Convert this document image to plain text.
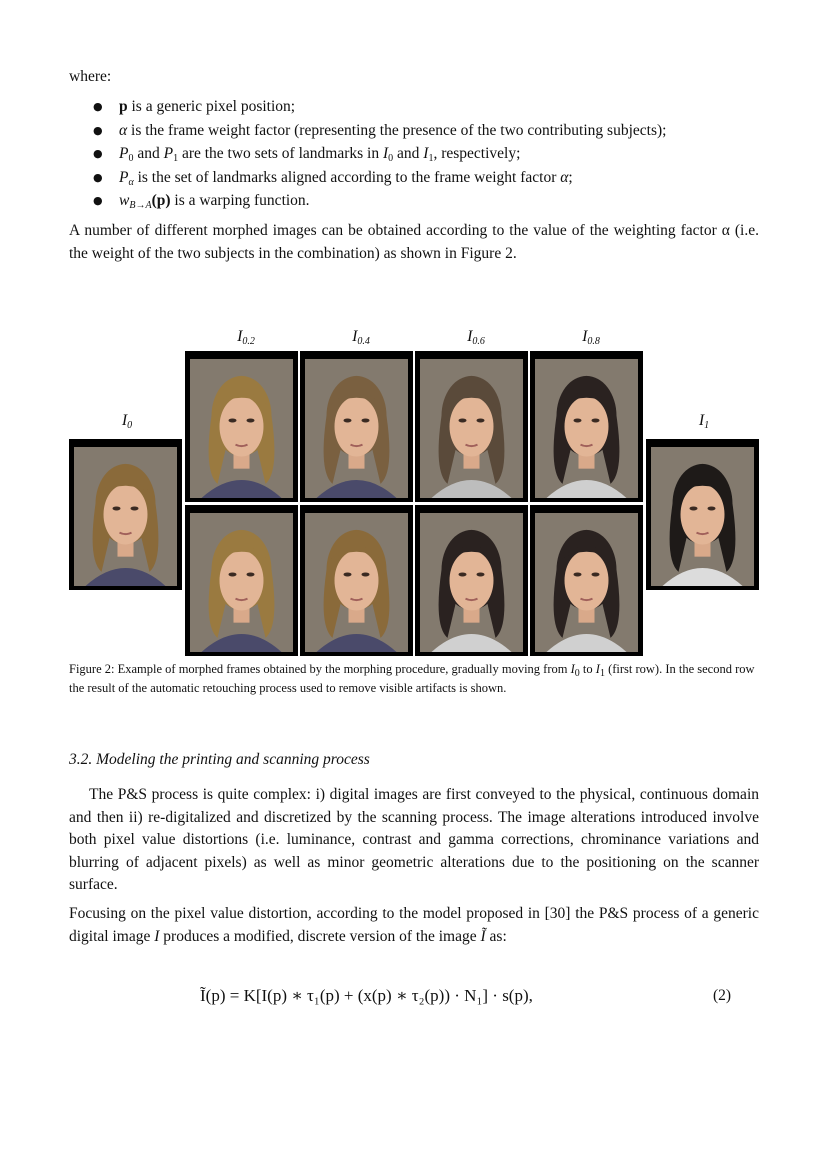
where:
● p is a generic pixel position;
● α is the frame weight factor (representing the presence of the two contributing subjects);
● $P_0$ and $P_1$ are the two sets of landmarks in $I_0$ and $I_1$, respectively;
● $P_\alpha$ is the set of landmarks aligned according to the frame weight factor α;
● $w_{B\to A}(p)$ is a warping function.
A number of different morphed images can be obtained according to the value of the weighting factor α (i.e. the weight of the two subjects in the combination) as shown in Figure 2.
$I_{0.2}$	$I_{0.4}$	$I_{0.6}$	$I_{0.8}$
$I_0$	$I_1$
Figure 2: Example of morphed frames obtained by the morphing procedure, gradually moving from $I_0$ to $I_1$ (first row). In the second row the result of the automatic retouching process used to remove visible artifacts is shown.
3.2. Modeling the printing and scanning process
The P&S process is quite complex: i) digital images are first conveyed to the physical, continuous domain and then ii) re-digitalized and discretized by the scanning process. The image alterations introduced involve both pixel value distortions (i.e. luminance, contrast and gamma corrections, chrominance variations and blurring of adjacent pixels) as well as minor geometric alterations due to the positioning on the scanner surface.
Focusing on the pixel value distortion, according to the model proposed in [30] the P&S process of a generic digital image I produces a modified, discrete version of the image Ĩ as:
Ĩ(p) = K[I(p) ∗ τ₁(p) + (x(p) ∗ τ₂(p)) · N₁] · s(p),	(2)
